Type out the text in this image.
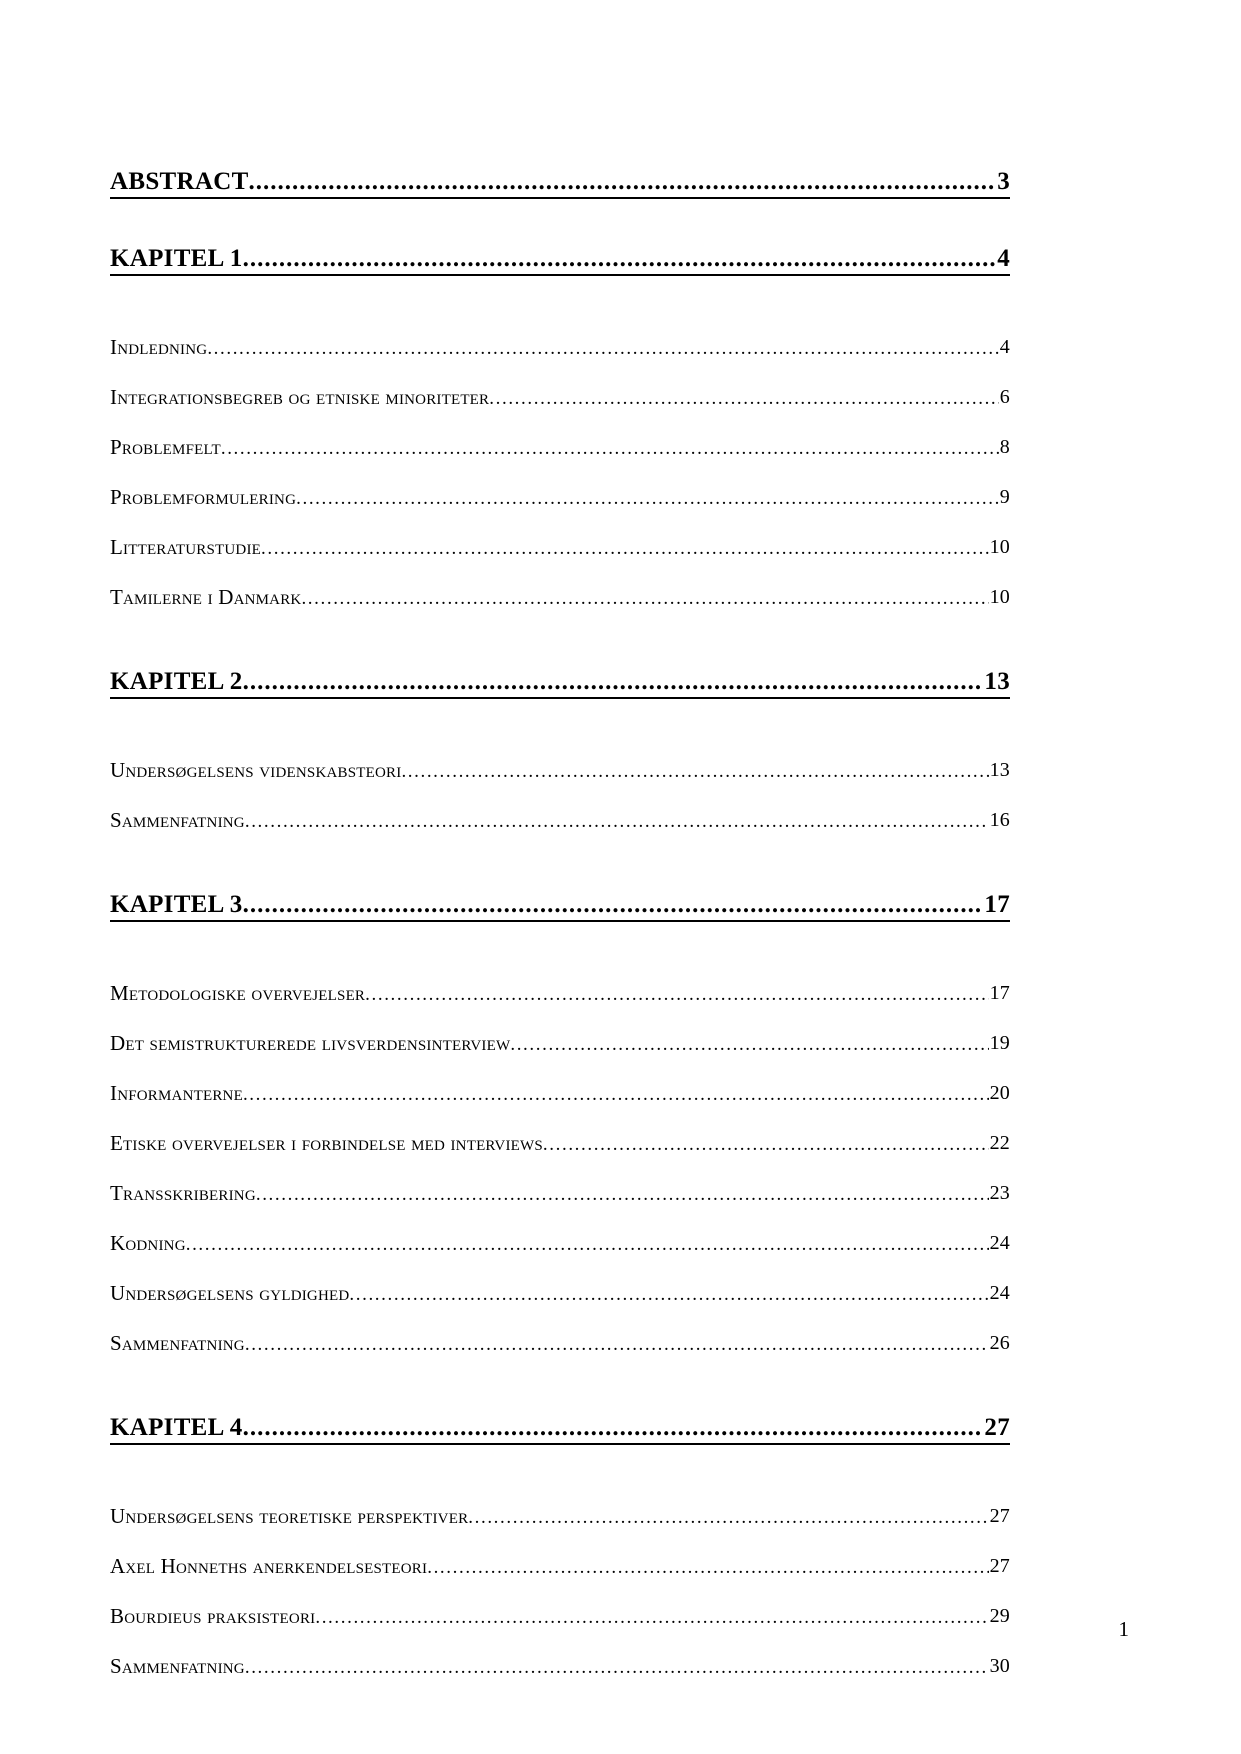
ABSTRACT .....	3
KAPITEL 1 .....	4
Indledning .....	4
Integrationsbegreb og etniske minoriteter .....	6
Problemfelt .....	8
Problemformulering .....	9
Litteraturstudie .....	10
Tamilerne i Danmark .....	10
KAPITEL 2 .....	13
Undersøgelsens videnskabsteori .....	13
Sammenfatning .....	16
KAPITEL 3 .....	17
Metodologiske overvejelser .....	17
Det semistrukturerede livsverdensinterview .....	19
Informanterne .....	20
Etiske overvejelser i forbindelse med interviews .....	22
Transskribering .....	23
Kodning .....	24
Undersøgelsens gyldighed .....	24
Sammenfatning .....	26
KAPITEL 4 .....	27
Undersøgelsens teoretiske perspektiver .....	27
Axel Honneths anerkendelsesteori .....	27
Bourdieus praksisteori .....	29
Sammenfatning .....	30
1
